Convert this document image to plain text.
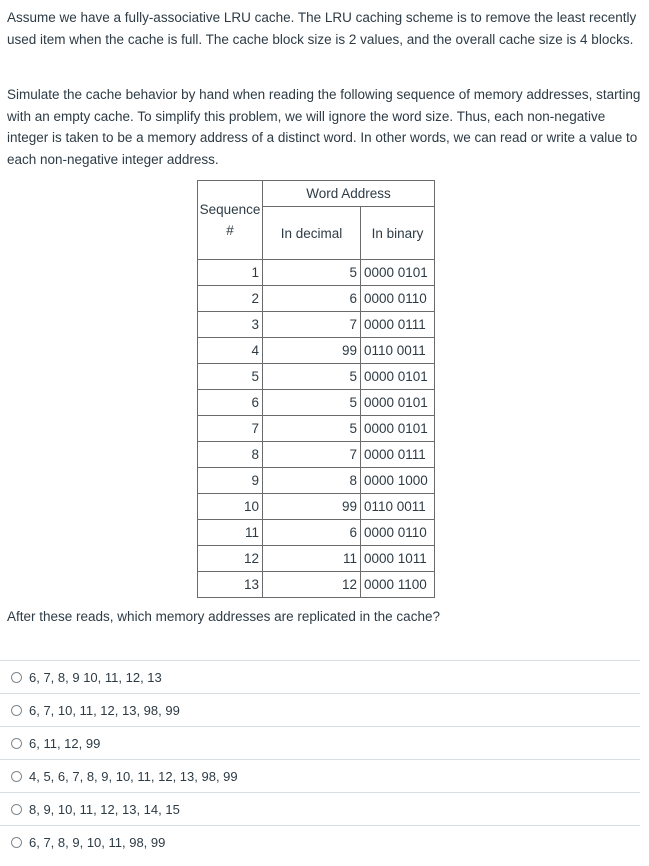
Assume we have a fully-associative LRU cache. The LRU caching scheme is to remove the least recently used item when the cache is full. The cache block size is 2 values, and the overall cache size is 4 blocks.

Simulate the cache behavior by hand when reading the following sequence of memory addresses, starting with an empty cache. To simplify this problem, we will ignore the word size. Thus, each non-negative integer is taken to be a memory address of a distinct word. In other words, we can read or write a value to each non-negative integer address.

Sequence
#	Word Address	
	In decimal	In binary
1	5	0000 0101
2	6	0000 0110
3	7	0000 0111
4	99	0110 0011
5	5	0000 0101
6	5	0000 0101
7	5	0000 0101
8	7	0000 0111
9	8	0000 1000
10	99	0110 0011
11	6	0000 0110
12	11	0000 1011
13	12	0000 1100

After these reads, which memory addresses are replicated in the cache?

6, 7, 8, 9 10, 11, 12, 13
6, 7, 10, 11, 12, 13, 98, 99
6, 11, 12, 99
4, 5, 6, 7, 8, 9, 10, 11, 12, 13, 98, 99
8, 9, 10, 11, 12, 13, 14, 15
6, 7, 8, 9, 10, 11, 98, 99
